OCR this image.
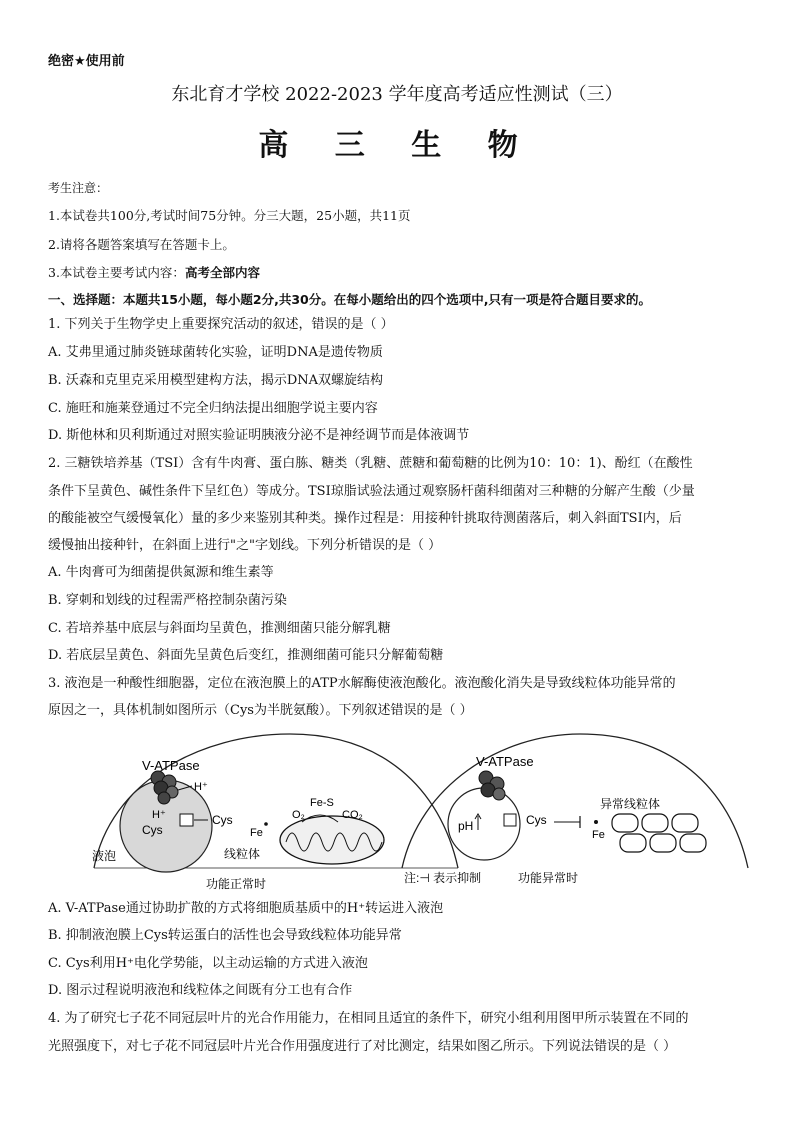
绝密★使用前
东北育才学校 2022-2023 学年度高考适应性测试（三）
高 三 生 物
考生注意：
1.本试卷共100分,考试时间75分钟。分三大题，25小题，共11页
2.请将各题答案填写在答题卡上。
3.本试卷主要考试内容：高考全部内容
一、选择题：本题共15小题，每小题2分,共30分。在每小题给出的四个选项中,只有一项是符合题目要求的。
1. 下列关于生物学史上重要探究活动的叙述，错误的是（ ）
A. 艾弗里通过肺炎链球菌转化实验，证明DNA是遗传物质
B. 沃森和克里克采用模型建构方法，揭示DNA双螺旋结构
C. 施旺和施莱登通过不完全归纳法提出细胞学说主要内容
D. 斯他林和贝利斯通过对照实验证明胰液分泌不是神经调节而是体液调节
2. 三糖铁培养基（TSI）含有牛肉膏、蛋白胨、糖类（乳糖、蔗糖和葡萄糖的比例为10：10：1)、酚红（在酸性
条件下呈黄色、碱性条件下呈红色）等成分。TSI琼脂试验法通过观察肠杆菌科细菌对三种糖的分解产生酸（少量
的酸能被空气缓慢氧化）量的多少来鉴别其种类。操作过程是：用接种针挑取待测菌落后，刺入斜面TSI内，后
缓慢抽出接种针，在斜面上进行"之"字划线。下列分析错误的是（ ）
A. 牛肉膏可为细菌提供氮源和维生素等
B. 穿刺和划线的过程需严格控制杂菌污染
C. 若培养基中底层与斜面均呈黄色，推测细菌只能分解乳糖
D. 若底层呈黄色、斜面先呈黄色后变红，推测细菌可能只分解葡萄糖
3. 液泡是一种酸性细胞器，定位在液泡膜上的ATP水解酶使液泡酸化。液泡酸化消失是导致线粒体功能异常的
原因之一，具体机制如图所示（Cys为半胱氨酸）。下列叙述错误的是（ ）
V-ATPase
H⁺
H⁺
Cys
Cys
液泡
Fe
Fe-S
O₂	CO₂
线粒体
功能正常时
V-ATPase
pH	Cys
Fe
异常线粒体
注:⊣ 表示抑制	功能异常时
A. V-ATPase通过协助扩散的方式将细胞质基质中的H⁺转运进入液泡
B. 抑制液泡膜上Cys转运蛋白的活性也会导致线粒体功能异常
C. Cys利用H⁺电化学势能，以主动运输的方式进入液泡
D. 图示过程说明液泡和线粒体之间既有分工也有合作
4. 为了研究七子花不同冠层叶片的光合作用能力，在相同且适宜的条件下，研究小组利用图甲所示装置在不同的
光照强度下，对七子花不同冠层叶片光合作用强度进行了对比测定，结果如图乙所示。下列说法错误的是（ ）
